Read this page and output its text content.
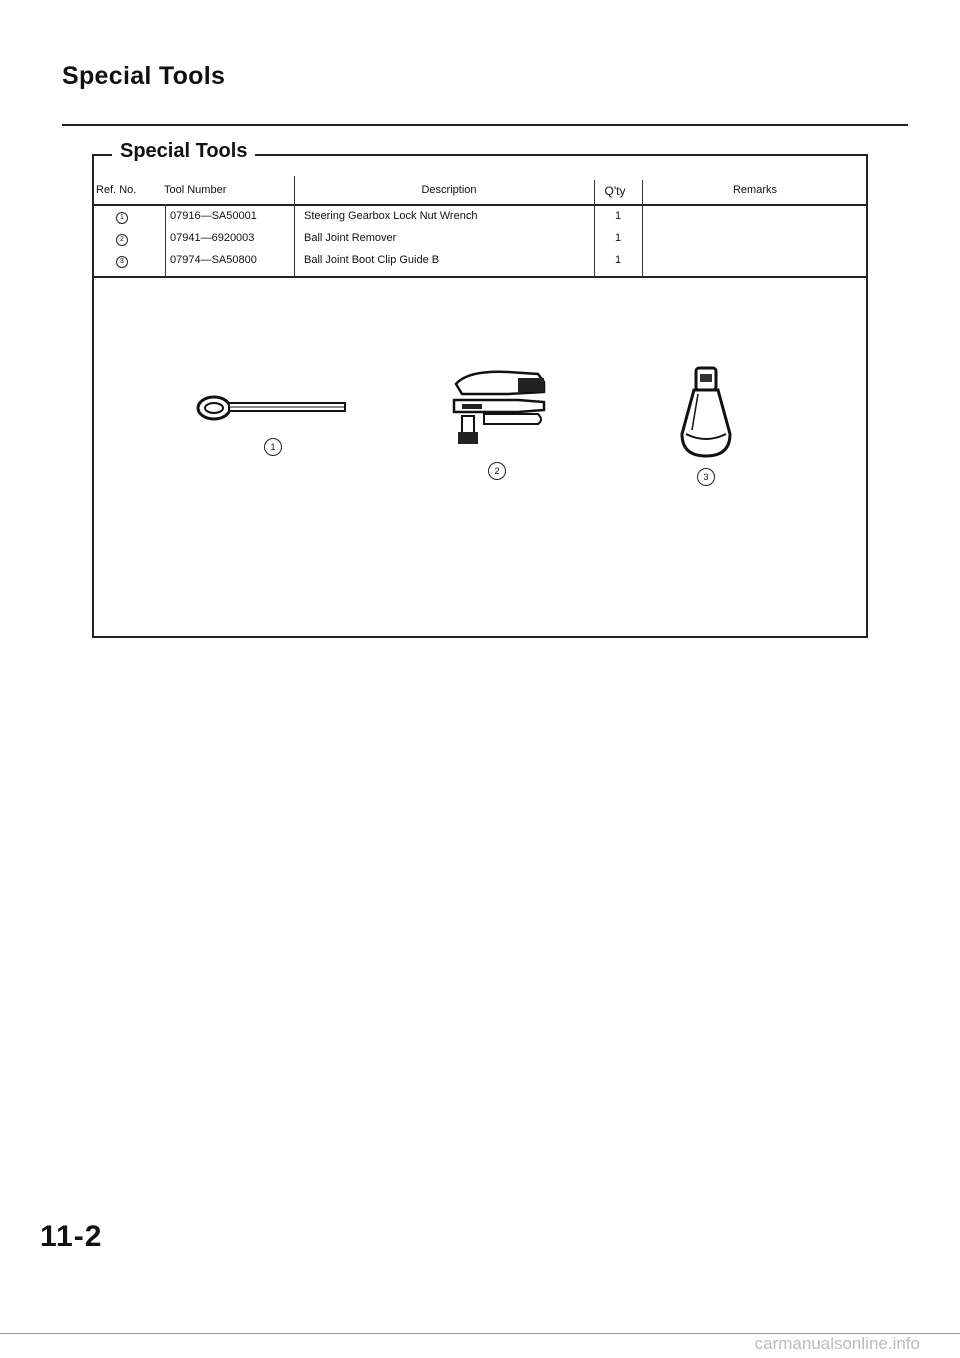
Special Tools
Special Tools
Ref. No.	Tool Number	Description	Q'ty	Remarks
1	07916—SA50001	Steering Gearbox Lock Nut Wrench	1
2	07941—6920003	Ball Joint Remover	1
3	07974—SA50800	Ball Joint Boot Clip Guide B	1
1
2
3
11-2
carmanualsonline.info
